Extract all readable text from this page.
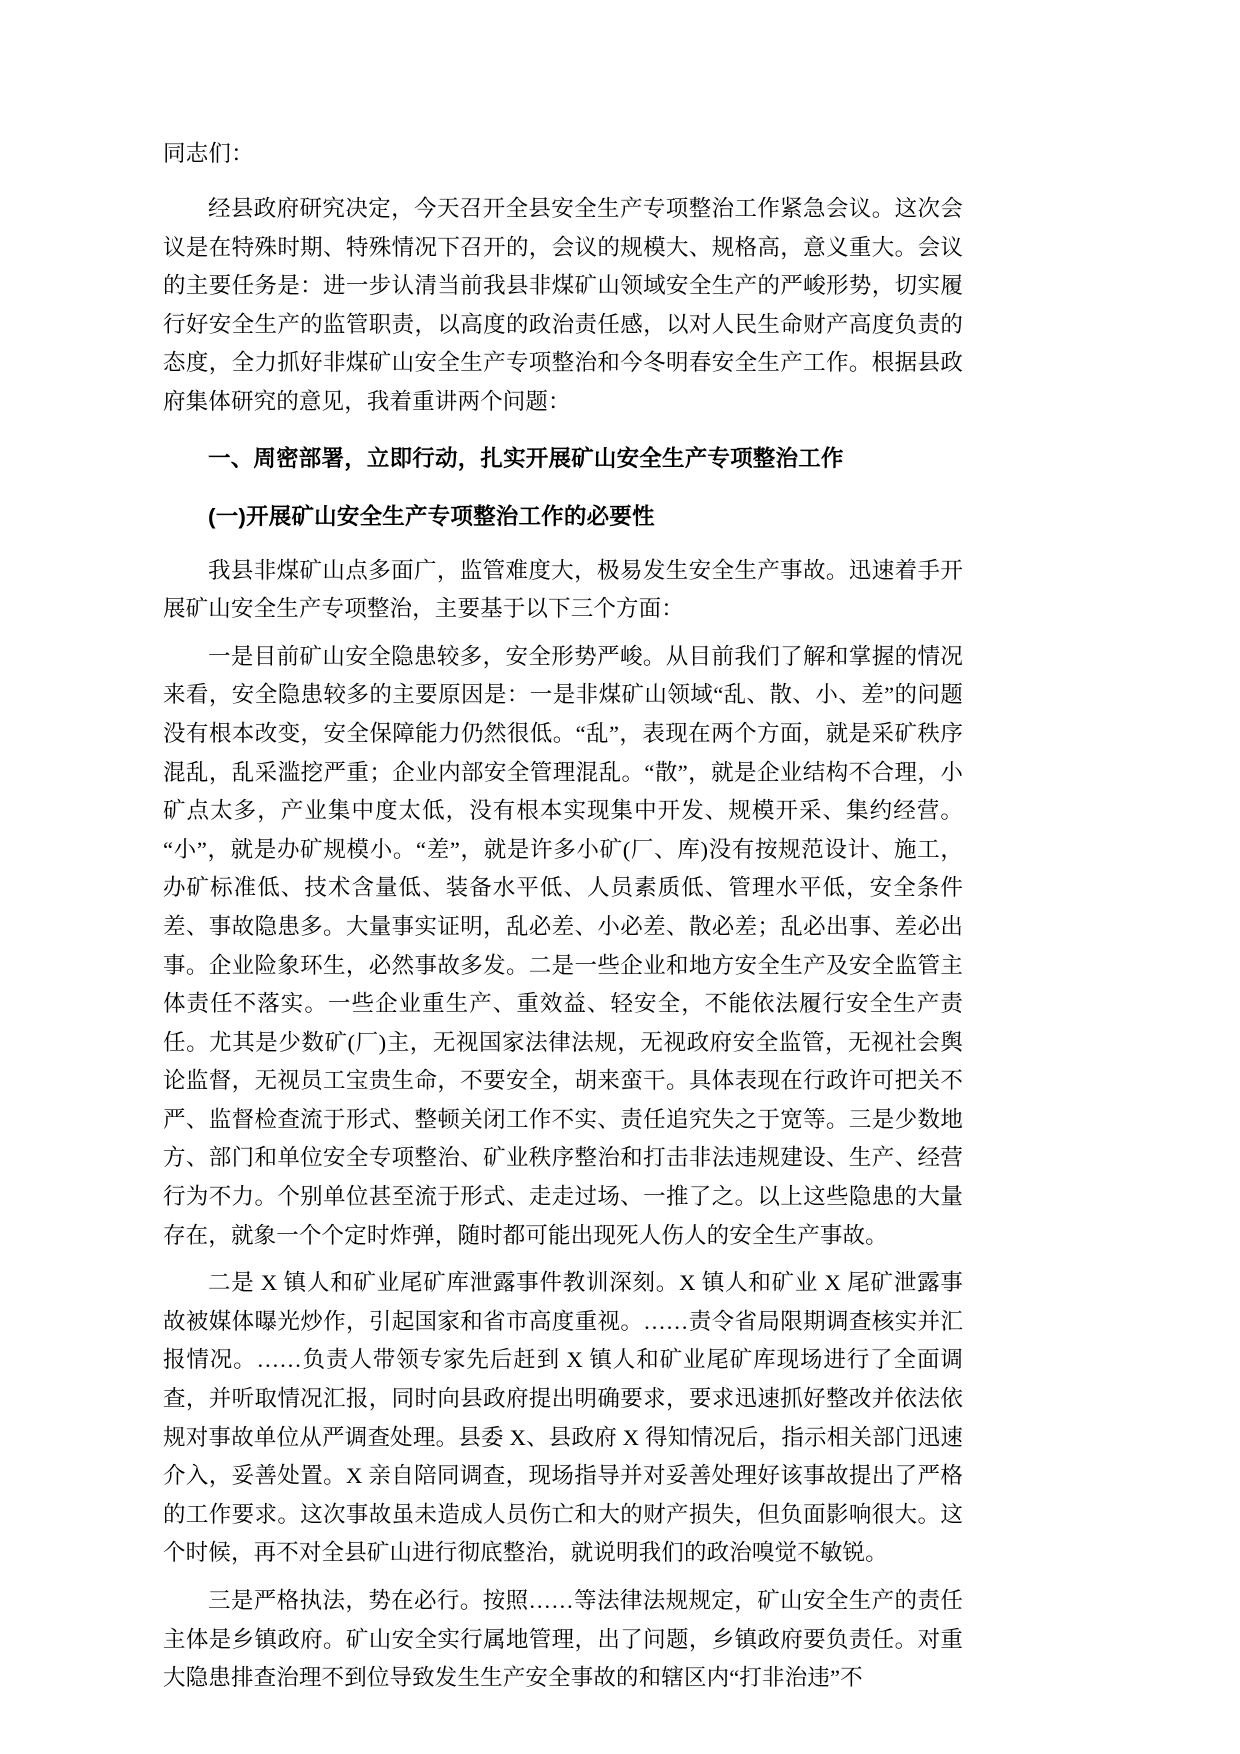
同志们：

经县政府研究决定，今天召开全县安全生产专项整治工作紧急会议。这次会议是在特殊时期、特殊情况下召开的，会议的规模大、规格高，意义重大。会议的主要任务是：进一步认清当前我县非煤矿山领域安全生产的严峻形势，切实履行好安全生产的监管职责，以高度的政治责任感，以对人民生命财产高度负责的态度，全力抓好非煤矿山安全生产专项整治和今冬明春安全生产工作。根据县政府集体研究的意见，我着重讲两个问题：

一、周密部署，立即行动，扎实开展矿山安全生产专项整治工作
(一)开展矿山安全生产专项整治工作的必要性

我县非煤矿山点多面广，监管难度大，极易发生安全生产事故。迅速着手开展矿山安全生产专项整治，主要基于以下三个方面：

一是目前矿山安全隐患较多，安全形势严峻。从目前我们了解和掌握的情况来看，安全隐患较多的主要原因是：一是非煤矿山领域“乱、散、小、差”的问题没有根本改变，安全保障能力仍然很低。“乱”，表现在两个方面，就是采矿秩序混乱，乱采滥挖严重；企业内部安全管理混乱。“散”，就是企业结构不合理，小矿点太多，产业集中度太低，没有根本实现集中开发、规模开采、集约经营。“小”，就是办矿规模小。“差”，就是许多小矿(厂、库)没有按规范设计、施工，办矿标准低、技术含量低、装备水平低、人员素质低、管理水平低，安全条件差、事故隐患多。大量事实证明，乱必差、小必差、散必差；乱必出事、差必出事。企业险象环生，必然事故多发。二是一些企业和地方安全生产及安全监管主体责任不落实。一些企业重生产、重效益、轻安全，不能依法履行安全生产责任。尤其是少数矿(厂)主，无视国家法律法规，无视政府安全监管，无视社会舆论监督，无视员工宝贵生命，不要安全，胡来蛮干。具体表现在行政许可把关不严、监督检查流于形式、整顿关闭工作不实、责任追究失之于宽等。三是少数地方、部门和单位安全专项整治、矿业秩序整治和打击非法违规建设、生产、经营行为不力。个别单位甚至流于形式、走走过场、一推了之。以上这些隐患的大量存在，就象一个个定时炸弹，随时都可能出现死人伤人的安全生产事故。

二是 X 镇人和矿业尾矿库泄露事件教训深刻。X 镇人和矿业 X 尾矿泄露事故被媒体曝光炒作，引起国家和省市高度重视。……责令省局限期调查核实并汇报情况。……负责人带领专家先后赶到 X 镇人和矿业尾矿库现场进行了全面调查，并听取情况汇报，同时向县政府提出明确要求，要求迅速抓好整改并依法依规对事故单位从严调查处理。县委 X、县政府 X 得知情况后，指示相关部门迅速介入，妥善处置。X 亲自陪同调查，现场指导并对妥善处理好该事故提出了严格的工作要求。这次事故虽未造成人员伤亡和大的财产损失，但负面影响很大。这个时候，再不对全县矿山进行彻底整治，就说明我们的政治嗅觉不敏锐。

三是严格执法，势在必行。按照……等法律法规规定，矿山安全生产的责任主体是乡镇政府。矿山安全实行属地管理，出了问题，乡镇政府要负责任。对重大隐患排查治理不到位导致发生生产安全事故的和辖区内“打非治违”不
